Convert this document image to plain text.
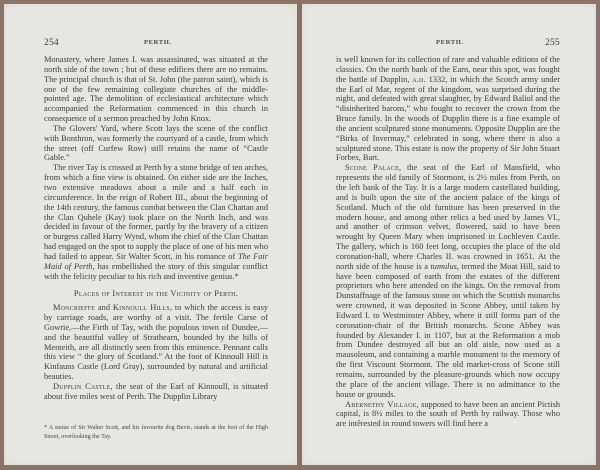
254	PERTH.

Monastery, where James I. was assassinated, was situated at the north side of the town ; but of these edifices there are no remains. The principal church is that of St. John (the patron saint), which is one of the few remaining collegiate churches of the middle-pointed age. The demolition of ecclesiastical architecture which accompanied the Reformation commenced in this church in consequence of a sermon preached by John Knox.

The Glovers' Yard, where Scott lays the scene of the conflict with Bonthron, was formerly the courtyard of a castle, from which the street (off Curfew Row) still retains the name of “Castle Gable.”

The river Tay is crossed at Perth by a stone bridge of ten arches, from which a fine view is obtained. On either side are the Inches, two extensive meadows about a mile and a half each in circumference. In the reign of Robert III., about the beginning of the 14th century, the famous combat between the Clan Chattan and the Clan Quhele (Kay) took place on the North Inch, and was decided in favour of the former, partly by the bravery of a citizen or burgess called Harry Wynd, whom the chief of the Clan Chattan had engaged on the spot to supply the place of one of his men who had failed to appear. Sir Walter Scott, in his romance of The Fair Maid of Perth, has embellished the story of this singular conflict with the felicity peculiar to his rich and inventive genius.*

Places of Interest in the Vicinity of Perth.

Moncrieffe and Kinnoull Hills, to which the access is easy by carriage roads, are worthy of a visit. The fertile Carse of Gowrie,—the Firth of Tay, with the populous town of Dundee,—and the beautiful valley of Strathearn, bounded by the hills of Menteith, are all distinctly seen from this eminence. Pennant calls this view “ the glory of Scotland.” At the foot of Kinnoull Hill is Kinfauns Castle (Lord Gray), surrounded by natural and artificial beauties.

Dupplin Castle, the seat of the Earl of Kinnoull, is situated about five miles west of Perth. The Dupplin Library

* A statue of Sir Walter Scott, and his favourite dog Bevis, stands at the foot of the High Street, overlooking the Tay.
PERTH.	255

is well known for its collection of rare and valuable editions of the classics. On the north bank of the Earn, near this spot, was fought the battle of Dupplin, a.d. 1332, in which the Scotch army under the Earl of Mar, regent of the kingdom, was surprised during the night, and defeated with great slaughter, by Edward Baliol and the “disinherited barons,” who fought to recover the crown from the Bruce family. In the woods of Dupplin there is a fine example of the ancient sculptured stone monuments. Opposite Dupplin are the “Birks of Invermay,” celebrated in song, where there is also a sculptured stone. This estate is now the property of Sir John Stuart Forbes, Bart.

Scone Palace, the seat of the Earl of Mansfield, who represents the old family of Stormont, is 2½ miles from Perth, on the left bank of the Tay. It is a large modern castellated building, and is built upon the site of the ancient palace of the kings of Scotland. Much of the old furniture has been preserved in the modern house, and among other relics a bed used by James VI., and another of crimson velvet, flowered, said to have been wrought by Queen Mary when imprisoned in Lochleven Castle. The gallery, which is 160 feet long, occupies the place of the old coronation-hall, where Charles II. was crowned in 1651. At the north side of the house is a tumulus, termed the Moat Hill, said to have been composed of earth from the estates of the different proprietors who here attended on the kings. On the removal from Dunstaffnage of the famous stone on which the Scottish monarchs were crowned, it was deposited in Scone Abbey, until taken by Edward I. to Westminster Abbey, where it still forms part of the coronation-chair of the British monarchs. Scone Abbey was founded by Alexander I. in 1107, but at the Reformation a mob from Dundee destroyed all but an old aisle, now used as a mausoleum, and containing a marble monument to the memory of the first Viscount Stormont. The old market-cross of Scone still remains, surrounded by the pleasure-grounds which now occupy the place of the ancient village. There is no admittance to the house or grounds.

Abernethy Village, supposed to have been an ancient Pictish capital, is 8½ miles to the south of Perth by railway. Those who are intêrested in round towers will find here a
